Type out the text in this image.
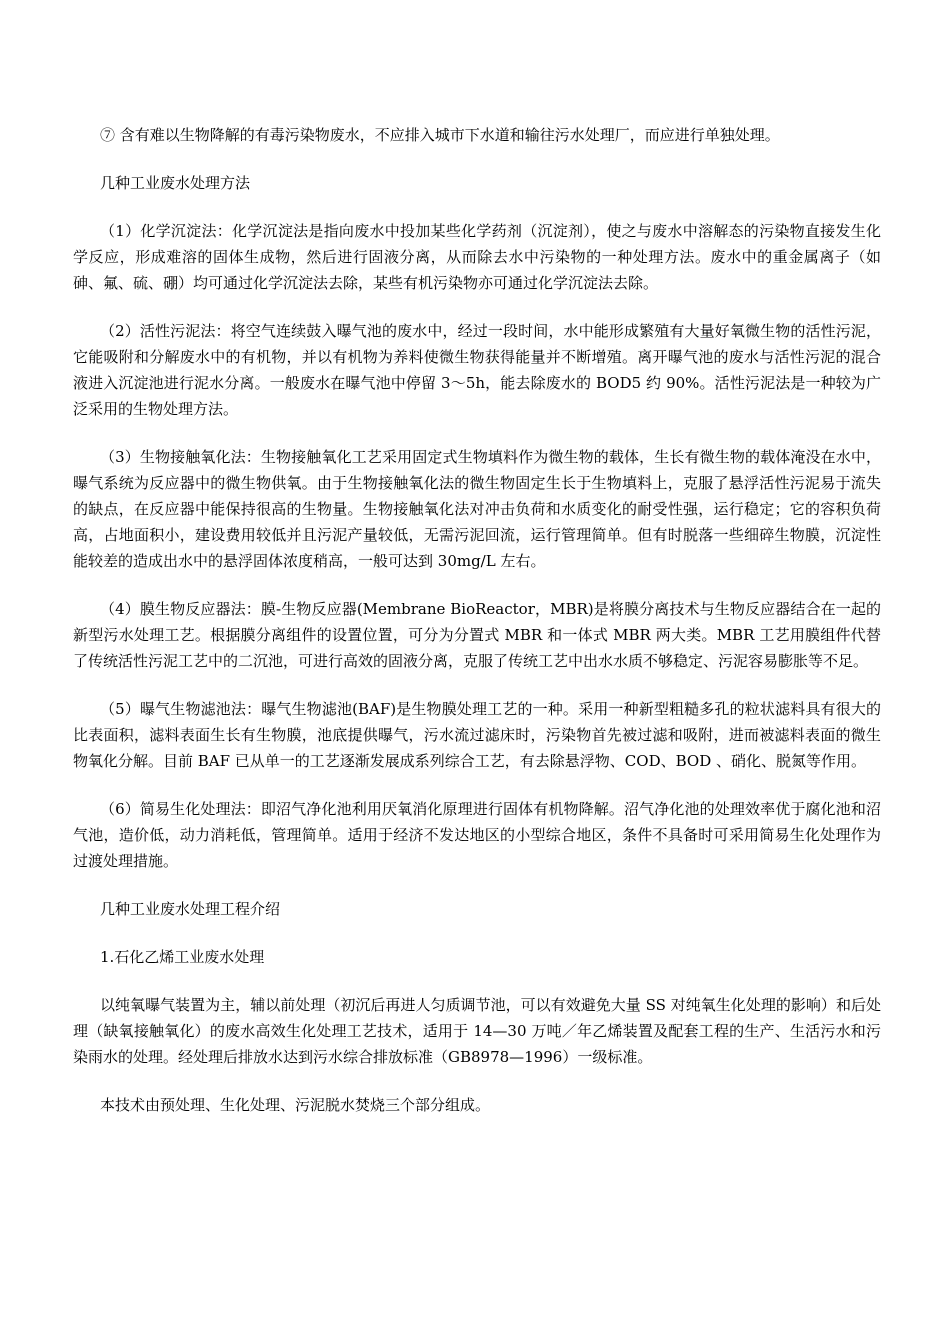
⑦ 含有难以生物降解的有毒污染物废水，不应排入城市下水道和输往污水处理厂，而应进行单独处理。

几种工业废水处理方法

（1）化学沉淀法：化学沉淀法是指向废水中投加某些化学药剂（沉淀剂），使之与废水中溶解态的污染物直接发生化学反应，形成难溶的固体生成物，然后进行固液分离，从而除去水中污染物的一种处理方法。废水中的重金属离子（如砷、氟、硫、硼）均可通过化学沉淀法去除，某些有机污染物亦可通过化学沉淀法去除。

（2）活性污泥法：将空气连续鼓入曝气池的废水中，经过一段时间，水中能形成繁殖有大量好氧微生物的活性污泥，它能吸附和分解废水中的有机物，并以有机物为养料使微生物获得能量并不断增殖。离开曝气池的废水与活性污泥的混合液进入沉淀池进行泥水分离。一般废水在曝气池中停留 3～5h，能去除废水的 BOD5 约 90%。活性污泥法是一种较为广泛采用的生物处理方法。

（3）生物接触氧化法：生物接触氧化工艺采用固定式生物填料作为微生物的载体，生长有微生物的载体淹没在水中，曝气系统为反应器中的微生物供氧。由于生物接触氧化法的微生物固定生长于生物填料上，克服了悬浮活性污泥易于流失的缺点，在反应器中能保持很高的生物量。生物接触氧化法对冲击负荷和水质变化的耐受性强，运行稳定；它的容积负荷高，占地面积小，建设费用较低并且污泥产量较低，无需污泥回流，运行管理简单。但有时脱落一些细碎生物膜，沉淀性能较差的造成出水中的悬浮固体浓度稍高，一般可达到 30mg/L 左右。

（4）膜生物反应器法：膜-生物反应器(Membrane BioReactor，MBR)是将膜分离技术与生物反应器结合在一起的新型污水处理工艺。根据膜分离组件的设置位置，可分为分置式 MBR 和一体式 MBR 两大类。MBR 工艺用膜组件代替了传统活性污泥工艺中的二沉池，可进行高效的固液分离，克服了传统工艺中出水水质不够稳定、污泥容易膨胀等不足。

（5）曝气生物滤池法：曝气生物滤池(BAF)是生物膜处理工艺的一种。采用一种新型粗糙多孔的粒状滤料具有很大的比表面积，滤料表面生长有生物膜，池底提供曝气，污水流过滤床时，污染物首先被过滤和吸附，进而被滤料表面的微生物氧化分解。目前 BAF 已从单一的工艺逐渐发展成系列综合工艺，有去除悬浮物、COD、BOD 、硝化、脱氮等作用。

（6）简易生化处理法：即沼气净化池利用厌氧消化原理进行固体有机物降解。沼气净化池的处理效率优于腐化池和沼气池，造价低，动力消耗低，管理简单。适用于经济不发达地区的小型综合地区，条件不具备时可采用简易生化处理作为过渡处理措施。

几种工业废水处理工程介绍

1.石化乙烯工业废水处理

以纯氧曝气装置为主，辅以前处理（初沉后再进人匀质调节池，可以有效避免大量 SS 对纯氧生化处理的影响）和后处理（缺氧接触氧化）的废水高效生化处理工艺技术，适用于 14—30 万吨／年乙烯装置及配套工程的生产、生活污水和污染雨水的处理。经处理后排放水达到污水综合排放标准（GB8978—1996）一级标准。

本技术由预处理、生化处理、污泥脱水焚烧三个部分组成。
